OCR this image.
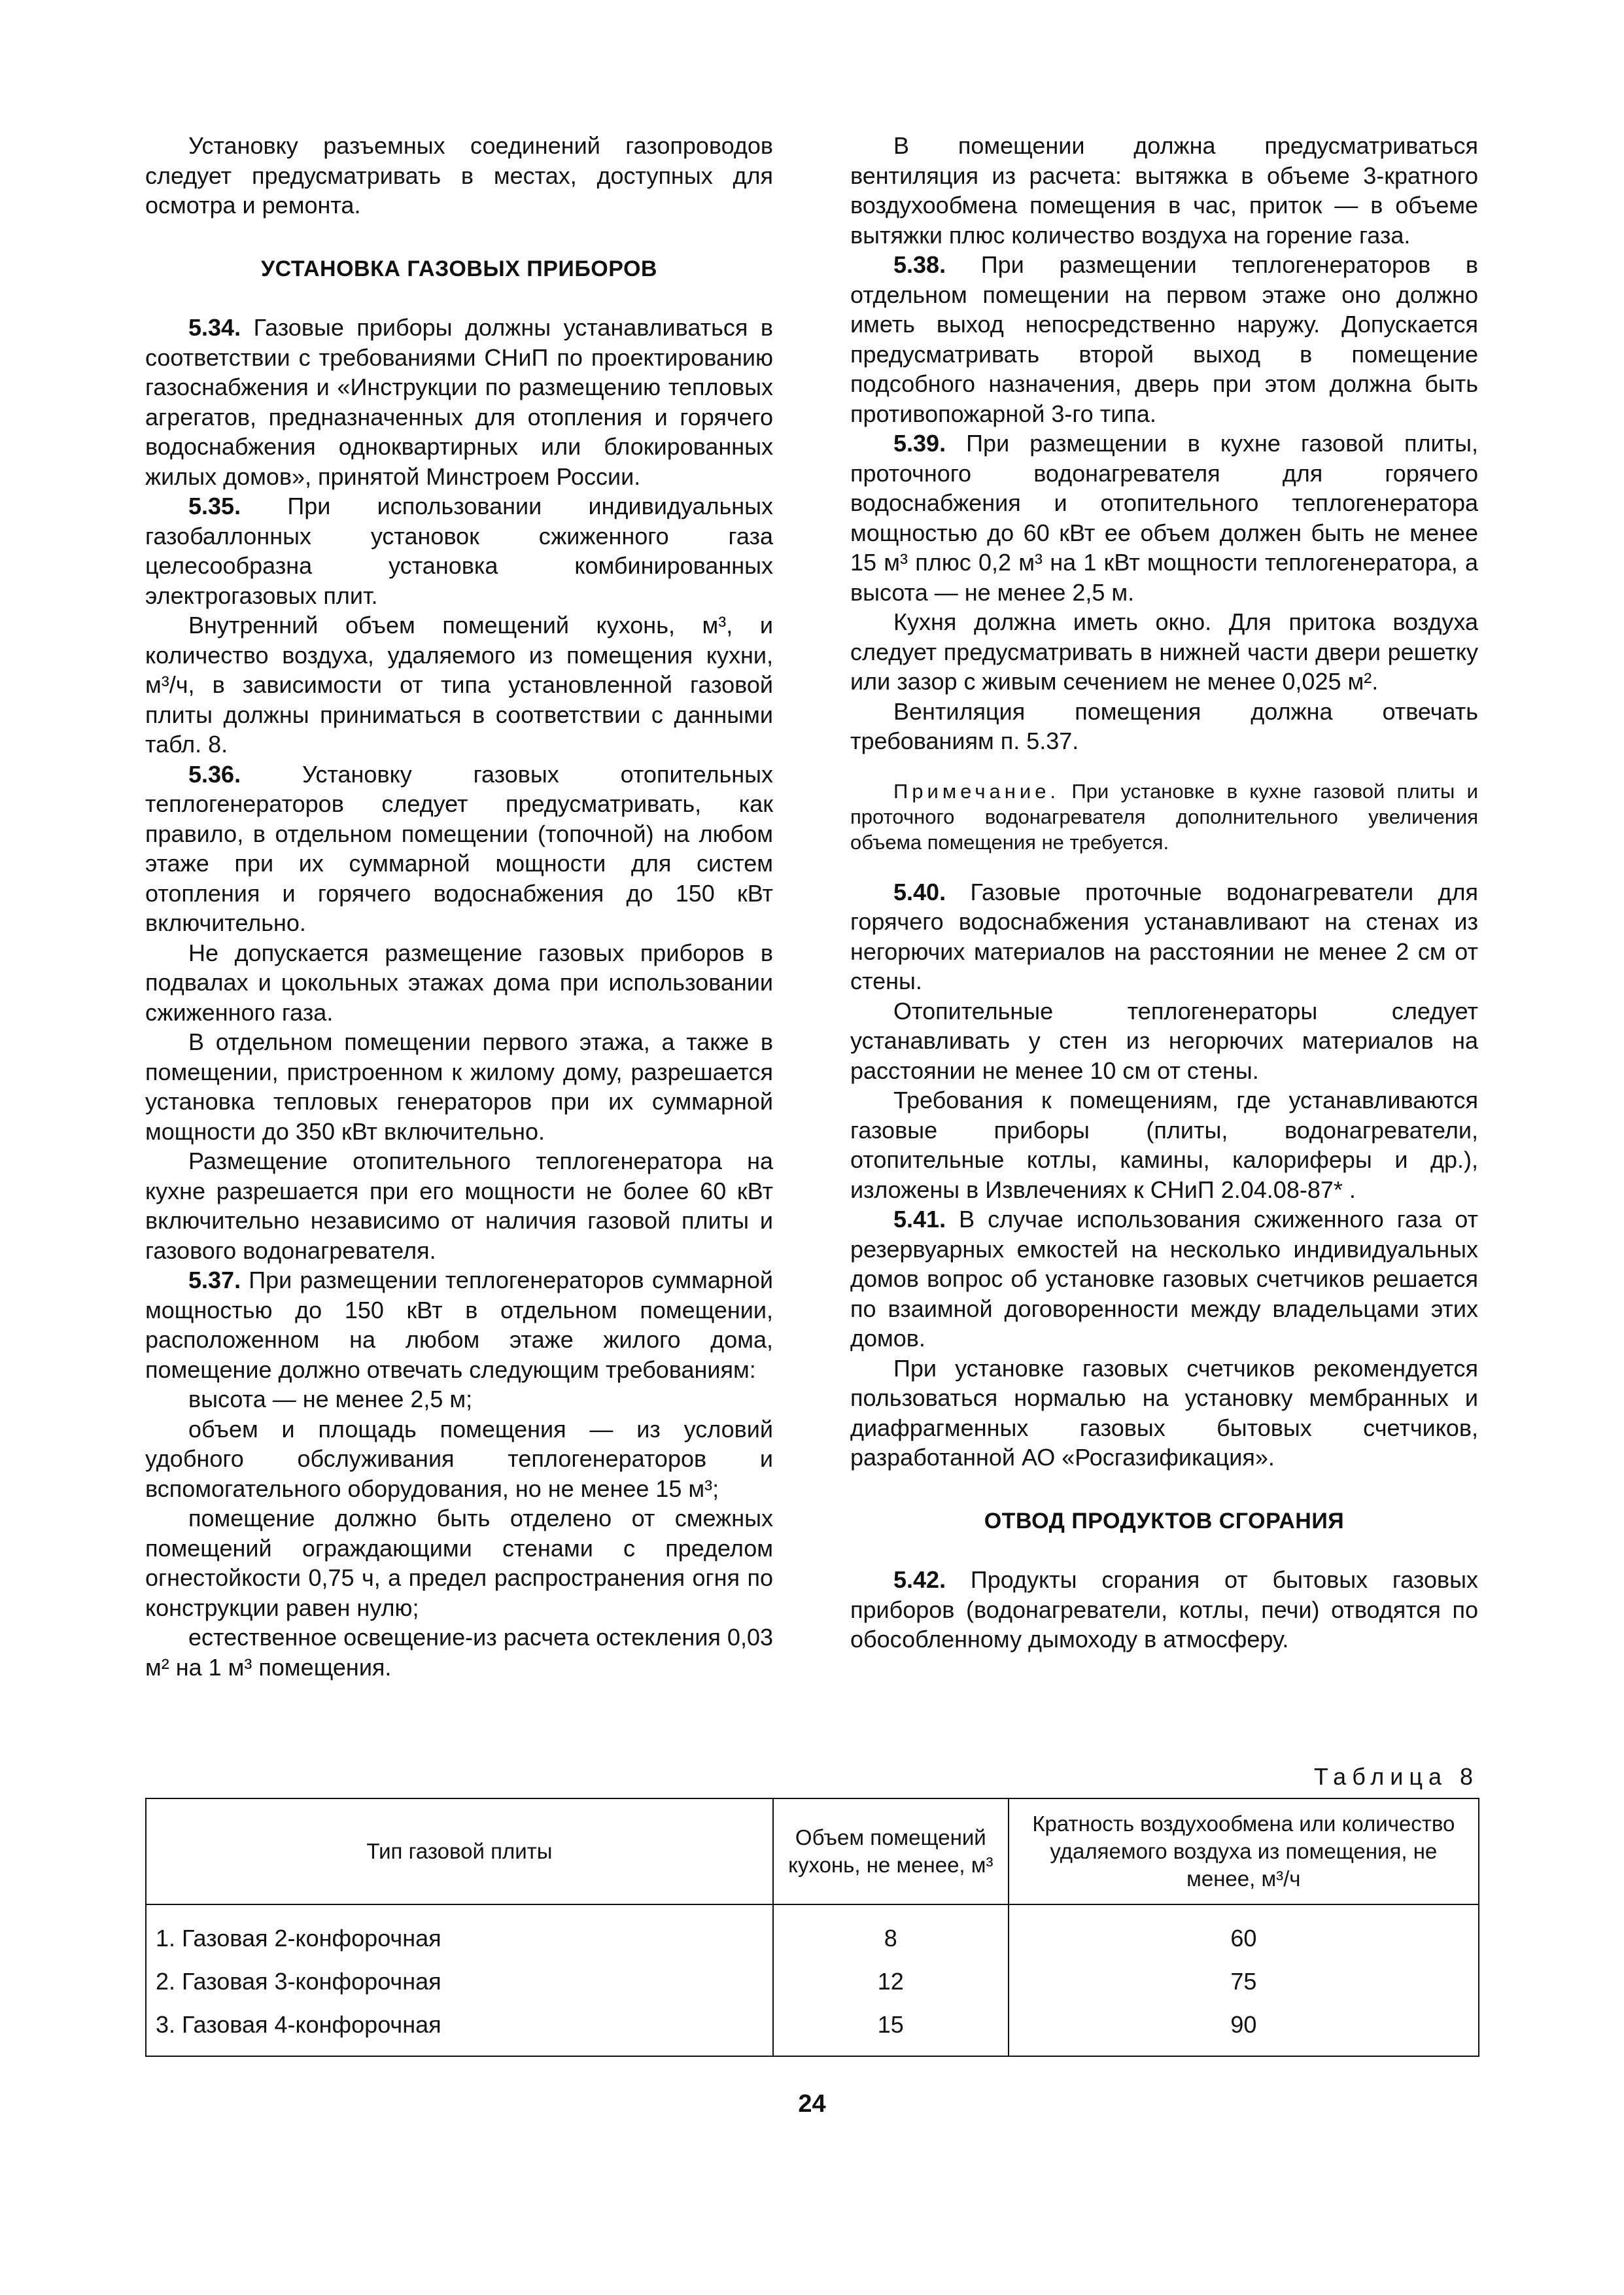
Установку разъемных соединений газопроводов следует предусматривать в местах, доступных для осмотра и ремонта.

УСТАНОВКА ГАЗОВЫХ ПРИБОРОВ

5.34. Газовые приборы должны устанавливаться в соответствии с требованиями СНиП по проектированию газоснабжения и «Инструкции по размещению тепловых агрегатов, предназначенных для отопления и горячего водоснабжения одноквартирных или блокированных жилых домов», принятой Минстроем России.

5.35. При использовании индивидуальных газобаллонных установок сжиженного газа целесообразна установка комбинированных электрогазовых плит.

Внутренний объем помещений кухонь, м³, и количество воздуха, удаляемого из помещения кухни, м³/ч, в зависимости от типа установленной газовой плиты должны приниматься в соответствии с данными табл. 8.

5.36.	Установку газовых отопительных теплогенераторов следует предусматривать, как правило, в отдельном помещении (топочной) на любом этаже при их суммарной мощности для систем отопления и горячего водоснабжения до 150 кВт включительно.

Не допускается размещение газовых приборов в подвалах и цокольных этажах дома при использовании сжиженного газа.

В отдельном помещении первого этажа, а также в помещении, пристроенном к жилому дому, разрешается установка тепловых генераторов при их суммарной мощности до 350 кВт включительно.

Размещение отопительного теплогенератора на кухне разрешается при его мощности не более 60 кВт включительно независимо от наличия газовой плиты и газового водонагревателя.

5.37. При размещении теплогенераторов суммарной мощностью до 150 кВт в отдельном помещении, расположенном на любом этаже жилого дома, помещение должно отвечать следующим требованиям:

высота — не менее 2,5 м;

объем и площадь помещения — из условий удобного обслуживания теплогенераторов и вспомогательного оборудования, но не менее 15 м³;

помещение должно быть отделено от смежных помещений ограждающими стенами с пределом огнестойкости 0,75 ч, а предел распространения огня по конструкции равен нулю;

естественное освещение-из расчета остекления 0,03 м² на 1 м³ помещения.

В помещении должна предусматриваться вентиляция из расчета: вытяжка в объеме 3-кратного воздухообмена помещения в час, приток — в объеме вытяжки плюс количество воздуха на горение газа.

5.38. При размещении теплогенераторов в отдельном помещении на первом этаже оно должно иметь выход непосредственно наружу. Допускается предусматривать второй выход в помещение подсобного назначения, дверь при этом должна быть противопожарной 3-го типа.

5.39. При размещении в кухне газовой плиты, проточного водонагревателя для горячего водоснабжения и отопительного теплогенератора мощностью до 60 кВт ее объем должен быть не менее 15 м³ плюс 0,2 м³ на 1 кВт мощности теплогенератора, а высота — не менее 2,5 м.

Кухня должна иметь окно. Для притока воздуха следует предусматривать в нижней части двери решетку или зазор с живым сечением не менее 0,025 м².

Вентиляция помещения должна отвечать требованиям п. 5.37.

Примечание. При установке в кухне газовой плиты и проточного водонагревателя дополнительного увеличения объема помещения не требуется.

5.40. Газовые проточные водонагреватели для горячего водоснабжения устанавливают на стенах из негорючих материалов на расстоянии не менее 2 см от стены.

Отопительные теплогенераторы следует устанавливать у стен из негорючих материалов на расстоянии не менее 10 см от стены.

Требования к помещениям, где устанавливаются газовые приборы (плиты, водонагреватели, отопительные котлы, камины, калориферы и др.), изложены в Извлечениях к СНиП 2.04.08-87* .

5.41. В случае использования сжиженного газа от резервуарных емкостей на несколько индивидуальных домов вопрос об установке газовых счетчиков решается по взаимной договоренности между владельцами этих домов.

При установке газовых счетчиков рекомендуется пользоваться нормалью на установку мембранных и диафрагменных газовых бытовых счетчиков, разработанной АО «Росгазификация».

ОТВОД ПРОДУКТОВ СГОРАНИЯ

5.42. Продукты сгорания от бытовых газовых приборов (водонагреватели, котлы, печи) отводятся по обособленному дымоходу в атмосферу.

Таблица 8
Тип газовой плиты	Объем помещений кухонь, не менее, м³	Кратность воздухообмена или количество удаляемого воздуха из помещения, не менее, м³/ч
1. Газовая 2-конфорочная	8	60
2. Газовая 3-конфорочная	12	75
3. Газовая 4-конфорочная	15	90
24
